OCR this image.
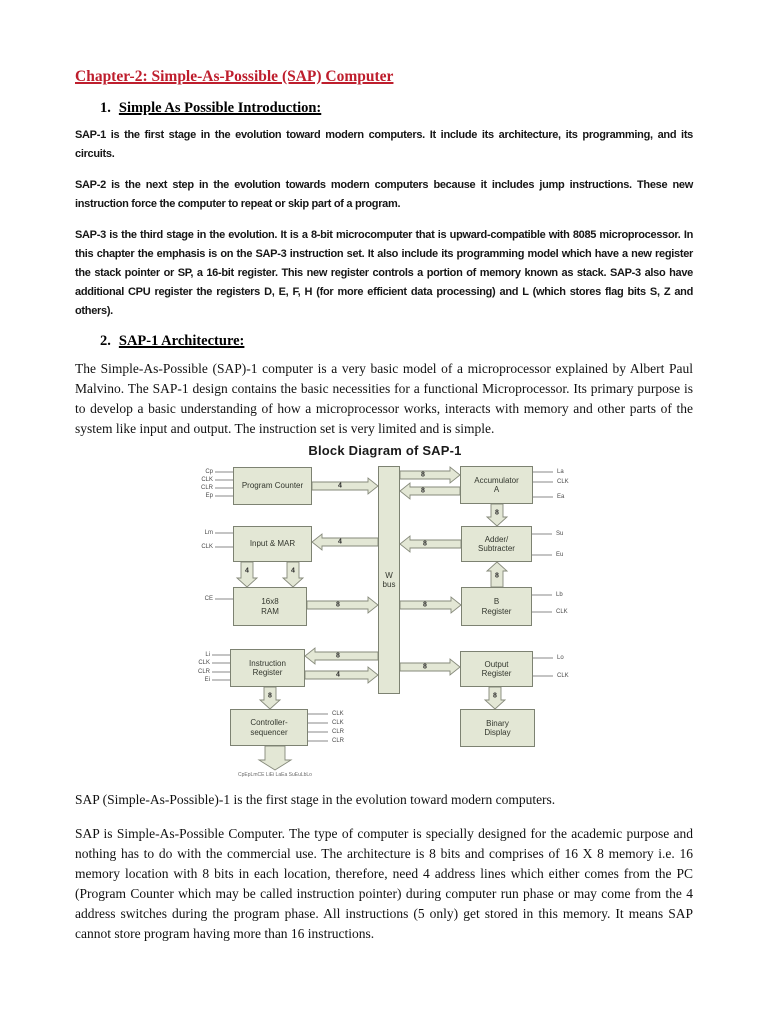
Chapter-2: Simple-As-Possible (SAP) Computer
1. Simple As Possible Introduction:

SAP-1 is the first stage in the evolution toward modern computers. It include its architecture, its programming, and its circuits.

SAP-2 is the next step in the evolution towards modern computers because it includes jump instructions. These new instruction force the computer to repeat or skip part of a program.

SAP-3 is the third stage in the evolution. It is a 8-bit microcomputer that is upward-compatible with 8085 microprocessor. In this chapter the emphasis is on the SAP-3 instruction set. It also include its programming model which have a new register the stack pointer or SP, a 16-bit register. This new register controls a portion of memory known as stack. SAP-3 also have additional CPU register the registers D, E, F, H (for more efficient data processing) and L (which stores flag bits S, Z and others).

2. SAP-1 Architecture:

The Simple-As-Possible (SAP)-1 computer is a very basic model of a microprocessor explained by Albert Paul Malvino. The SAP-1 design contains the basic necessities for a functional Microprocessor. Its primary purpose is to develop a basic understanding of how a microprocessor works, interacts with memory and other parts of the system like input and output. The instruction set is very limited and is simple.

Block Diagram of SAP-1
Program Counter
Input & MAR
16x8
RAM
Instruction
Register
Controller-
sequencer
W
bus
Accumulator
A
Adder/
Subtracter
B
Register
Output
Register
Binary
Display
4
8
8
4
8
8
8
8
4
8
4	4
8
8
8	8
Cp
CLK
CLR
Ep
Lm
CLK
CE
Li
CLK
CLR
Ei
CLK
CLK
CLR
CLR
La
CLK
Ea
Su
Eu
Lb
CLK
Lo
CLK
CpEpLmCE LiEi LaEa SuEuLbLo

SAP (Simple-As-Possible)-1 is the first stage in the evolution toward modern computers.

SAP is Simple-As-Possible Computer. The type of computer is specially designed for the academic purpose and nothing has to do with the commercial use. The architecture is 8 bits and comprises of 16 X 8 memory i.e. 16 memory location with 8 bits in each location, therefore, need 4 address lines which either comes from the PC (Program Counter which may be called instruction pointer) during computer run phase or may come from the 4 address switches during the program phase. All instructions (5 only) get stored in this memory. It means SAP cannot store program having more than 16 instructions.
